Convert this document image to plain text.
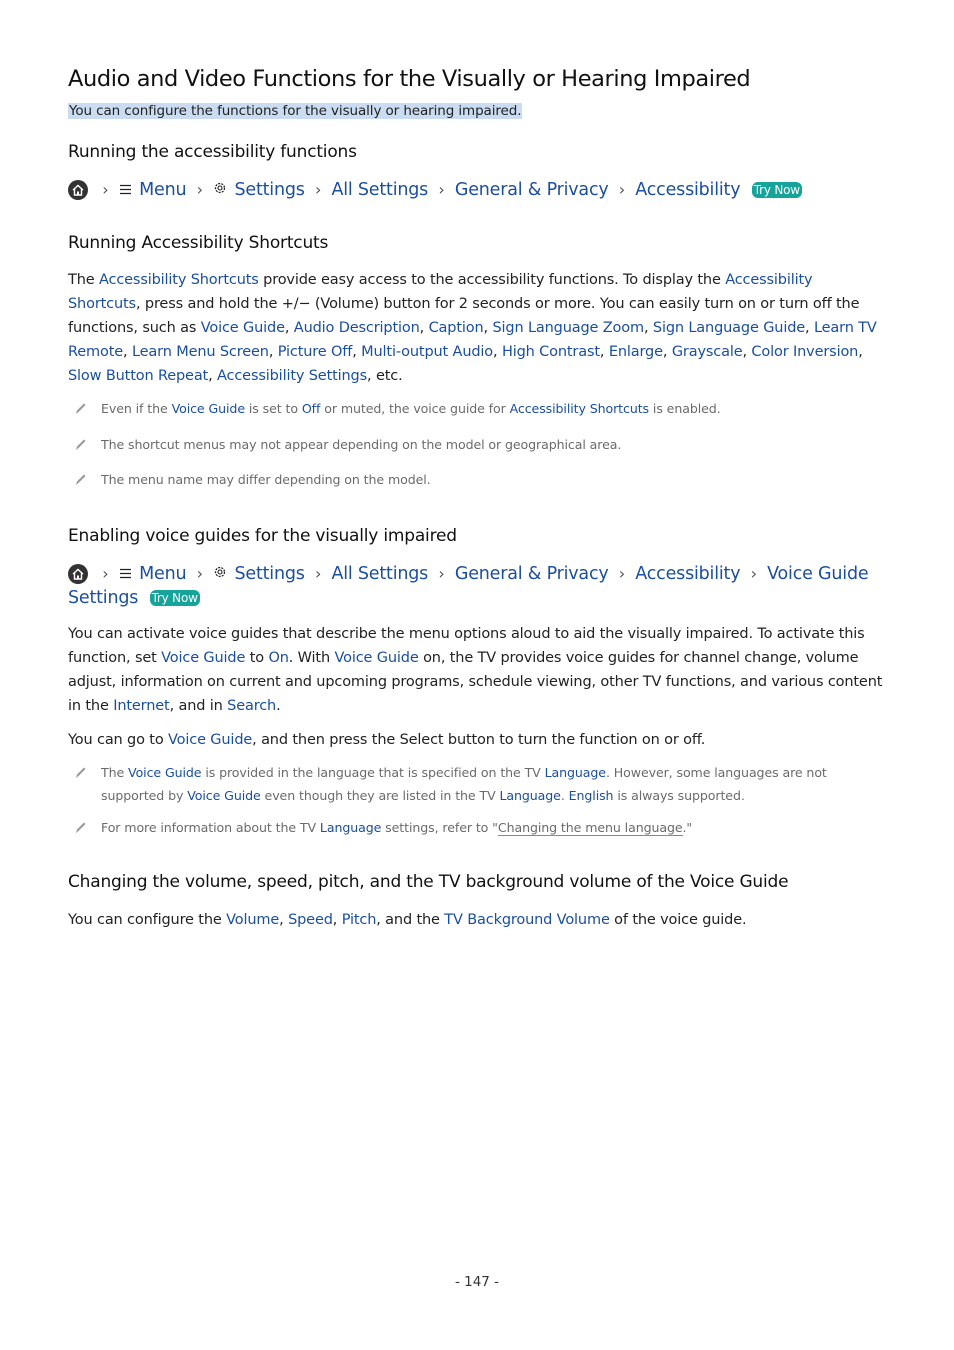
Audio and Video Functions for the Visually or Hearing Impaired
You can configure the functions for the visually or hearing impaired.
Running the accessibility functions
› Menu › Settings › All Settings › General & Privacy › Accessibility Try Now
Running Accessibility Shortcuts

The Accessibility Shortcuts provide easy access to the accessibility functions. To display the Accessibility Shortcuts, press and hold the +/− (Volume) button for 2 seconds or more. You can easily turn on or turn off the functions, such as Voice Guide, Audio Description, Caption, Sign Language Zoom, Sign Language Guide, Learn TV Remote, Learn Menu Screen, Picture Off, Multi-output Audio, High Contrast, Enlarge, Grayscale, Color Inversion, Slow Button Repeat, Accessibility Settings, etc.

Even if the Voice Guide is set to Off or muted, the voice guide for Accessibility Shortcuts is enabled.
The shortcut menus may not appear depending on the model or geographical area.
The menu name may differ depending on the model.
Enabling voice guides for the visually impaired
› Menu › Settings › All Settings › General & Privacy › Accessibility › Voice Guide Settings Try Now

You can activate voice guides that describe the menu options aloud to aid the visually impaired. To activate this function, set Voice Guide to On. With Voice Guide on, the TV provides voice guides for channel change, volume adjust, information on current and upcoming programs, schedule viewing, other TV functions, and various content in the Internet, and in Search.

You can go to Voice Guide, and then press the Select button to turn the function on or off.

The Voice Guide is provided in the language that is specified on the TV Language. However, some languages are not supported by Voice Guide even though they are listed in the TV Language. English is always supported.
For more information about the TV Language settings, refer to "Changing the menu language."
Changing the volume, speed, pitch, and the TV background volume of the Voice Guide

You can configure the Volume, Speed, Pitch, and the TV Background Volume of the voice guide.

- 147 -
